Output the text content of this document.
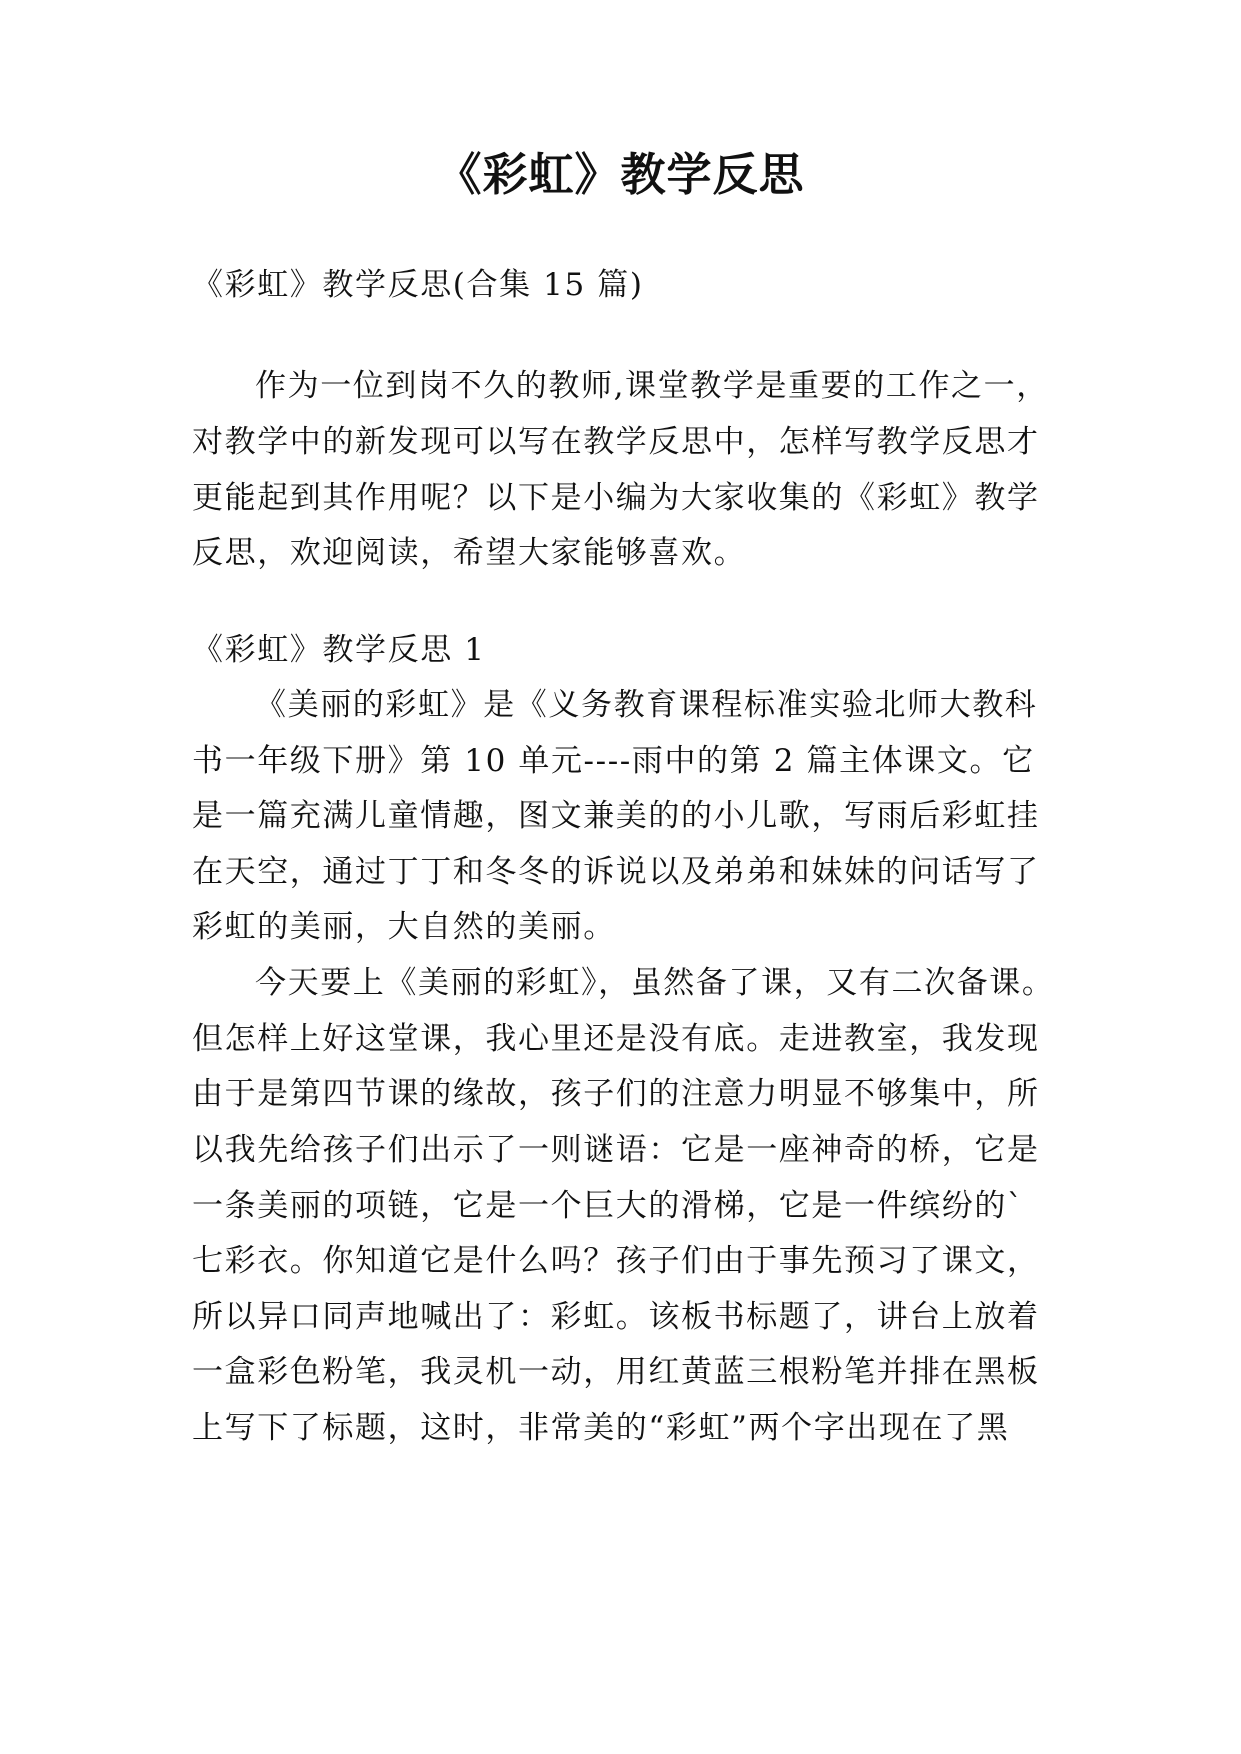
《彩虹》教学反思
《彩虹》教学反思(合集 15 篇)
作为一位到岗不久的教师,课堂教学是重要的工作之一，
对教学中的新发现可以写在教学反思中，怎样写教学反思才
更能起到其作用呢？以下是小编为大家收集的《彩虹》教学
反思，欢迎阅读，希望大家能够喜欢。
《彩虹》教学反思 1
《美丽的彩虹》是《义务教育课程标准实验北师大教科
书一年级下册》第 10 单元----雨中的第 2 篇主体课文。它
是一篇充满儿童情趣，图文兼美的的小儿歌，写雨后彩虹挂
在天空，通过丁丁和冬冬的诉说以及弟弟和妹妹的问话写了
彩虹的美丽，大自然的美丽。
今天要上《美丽的彩虹》，虽然备了课，又有二次备课。
但怎样上好这堂课，我心里还是没有底。走进教室，我发现
由于是第四节课的缘故，孩子们的注意力明显不够集中，所
以我先给孩子们出示了一则谜语：它是一座神奇的桥，它是
一条美丽的项链，它是一个巨大的滑梯，它是一件缤纷的`
七彩衣。你知道它是什么吗？孩子们由于事先预习了课文，
所以异口同声地喊出了：彩虹。该板书标题了，讲台上放着
一盒彩色粉笔，我灵机一动，用红黄蓝三根粉笔并排在黑板
上写下了标题，这时，非常美的“彩虹”两个字出现在了黑
